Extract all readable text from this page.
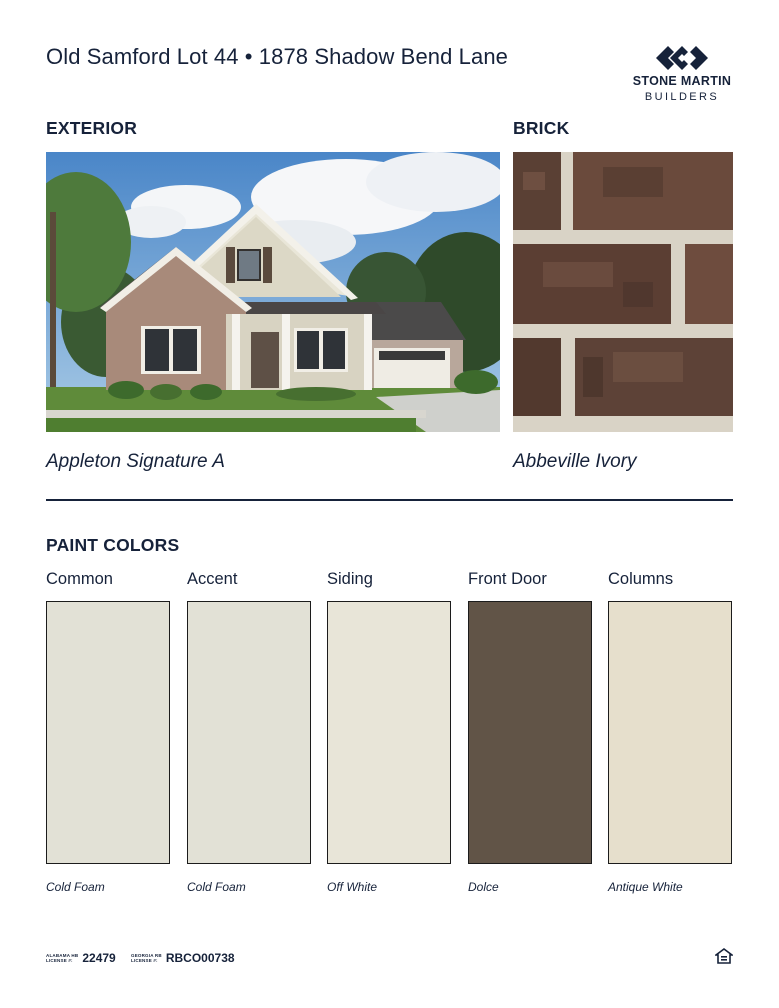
Old Samford Lot 44 • 1878 Shadow Bend Lane
STONE MARTIN
BUILDERS
EXTERIOR	BRICK
Appleton Signature A	Abbeville Ivory
PAINT COLORS
Common	Accent	Siding	Front Door	Columns
Cold Foam	Cold Foam	Off White	Dolce	Antique White
ALABAMA HB
LICENSE #: 22479	GEORGIA RB
LICENSE #: RBCO00738
